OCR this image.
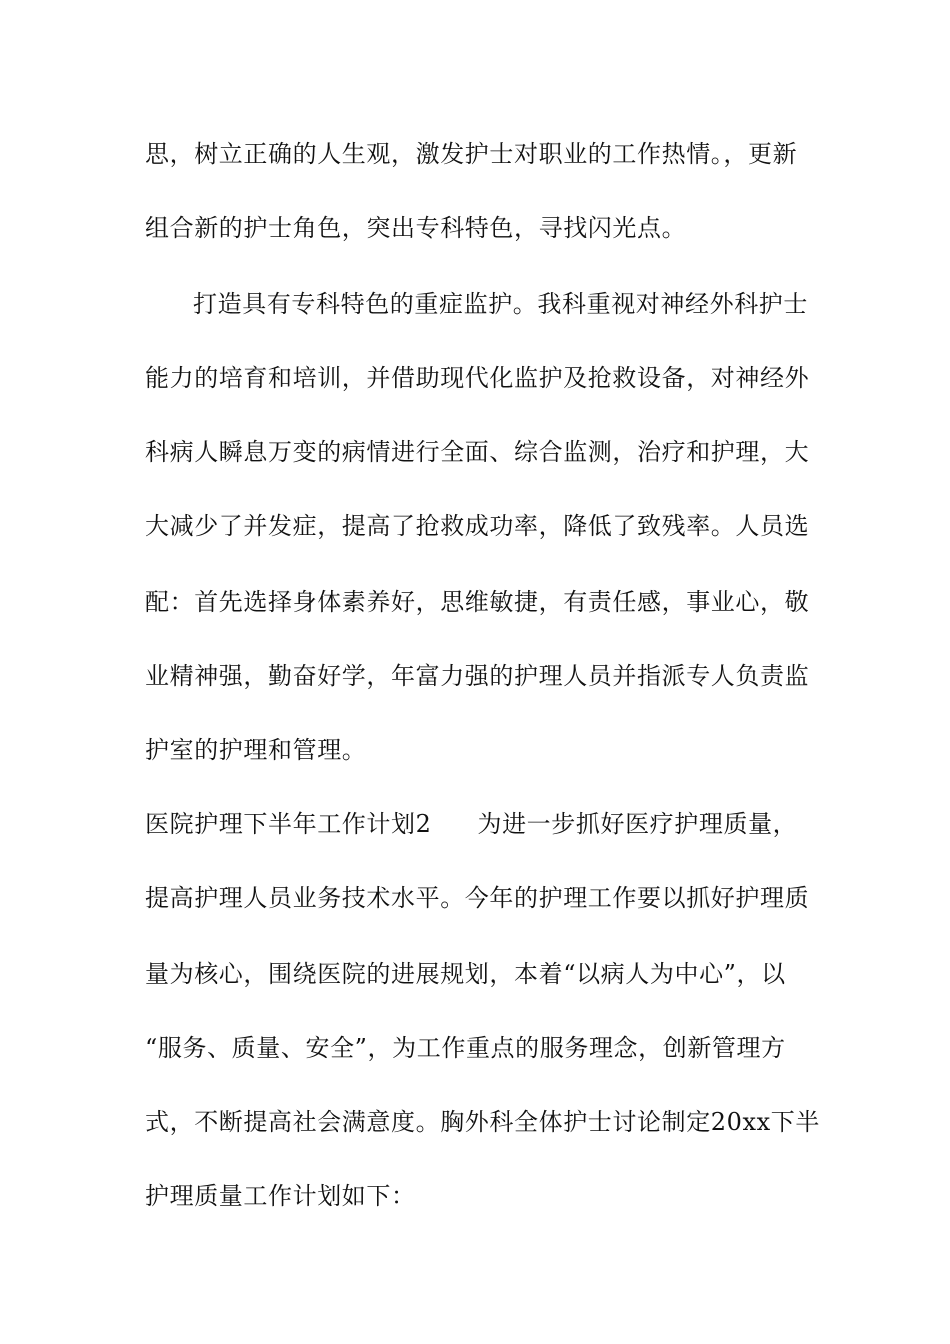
思，树立正确的人生观，激发护士对职业的工作热情。，更新
组合新的护士角色，突出专科特色，寻找闪光点。
打造具有专科特色的重症监护。我科重视对神经外科护士
能力的培育和培训，并借助现代化监护及抢救设备，对神经外
科病人瞬息万变的病情进行全面、综合监测，治疗和护理，大
大减少了并发症，提高了抢救成功率，降低了致残率。人员选
配：首先选择身体素养好，思维敏捷，有责任感，事业心，敬
业精神强，勤奋好学，年富力强的护理人员并指派专人负责监
护室的护理和管理。
医院护理下半年工作计划2 为进一步抓好医疗护理质量，
提高护理人员业务技术水平。今年的护理工作要以抓好护理质
量为核心，围绕医院的进展规划，本着“以病人为中心”，以
“服务、质量、安全”，为工作重点的服务理念，创新管理方
式，不断提高社会满意度。胸外科全体护士讨论制定20xx下半
护理质量工作计划如下：
